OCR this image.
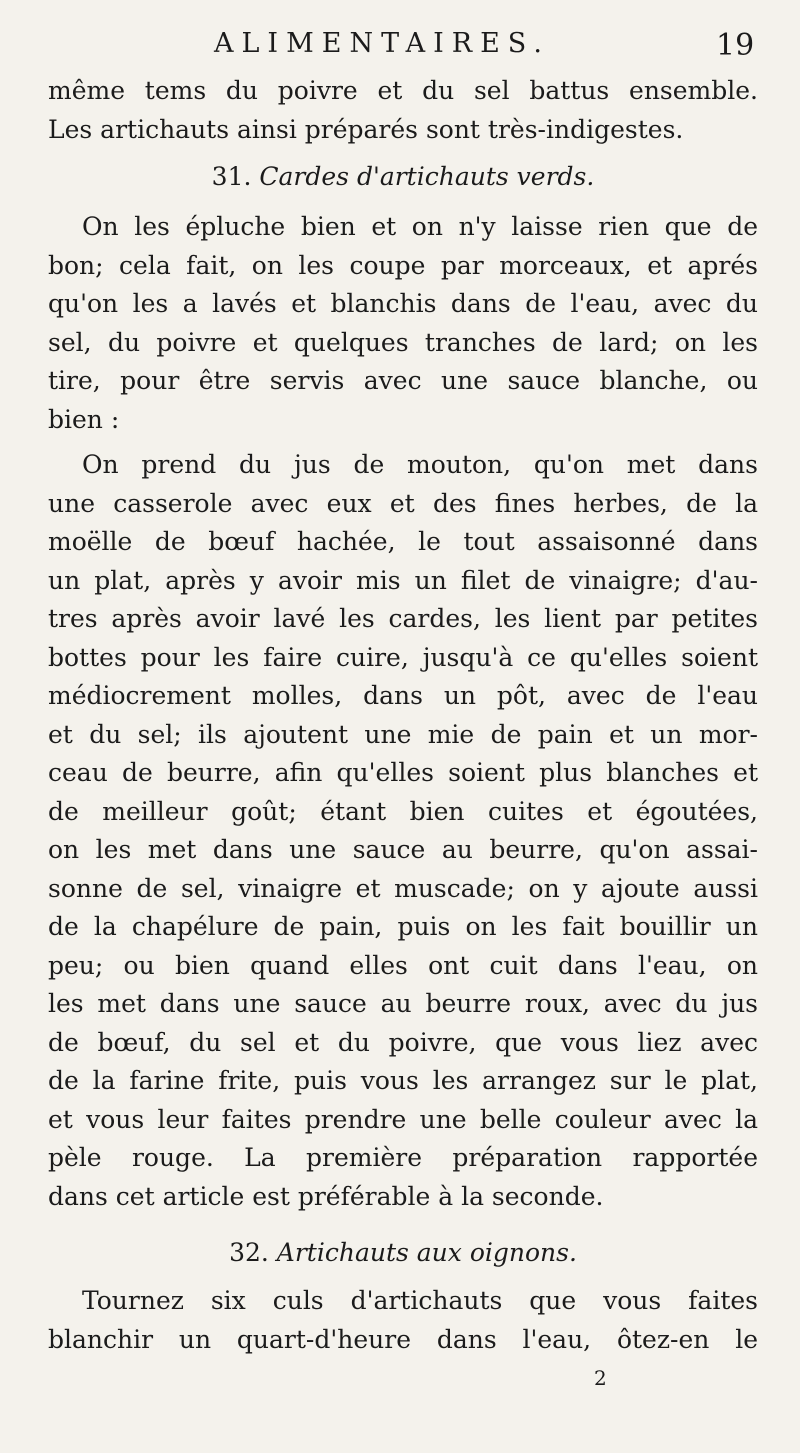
ALIMENTAIRES.	19
même tems du poivre et du sel battus ensemble.
Les artichauts ainsi préparés sont très-indigestes.
31. Cardes d'artichauts verds.
On les épluche bien et on n'y laisse rien que de
bon; cela fait, on les coupe par morceaux, et aprés
qu'on les a lavés et blanchis dans de l'eau, avec du
sel, du poivre et quelques tranches de lard; on les
tire, pour être servis avec une sauce blanche, ou
bien :
On prend du jus de mouton, qu'on met dans
une casserole avec eux et des fines herbes, de la
moëlle de bœuf hachée, le tout assaisonné dans
un plat, après y avoir mis un filet de vinaigre; d'au-
tres après avoir lavé les cardes, les lient par petites
bottes pour les faire cuire, jusqu'à ce qu'elles soient
médiocrement molles, dans un pôt, avec de l'eau
et du sel; ils ajoutent une mie de pain et un mor-
ceau de beurre, afin qu'elles soient plus blanches et
de meilleur goût; étant bien cuites et égoutées,
on les met dans une sauce au beurre, qu'on assai-
sonne de sel, vinaigre et muscade; on y ajoute aussi
de la chapélure de pain, puis on les fait bouillir un
peu; ou bien quand elles ont cuit dans l'eau, on
les met dans une sauce au beurre roux, avec du jus
de bœuf, du sel et du poivre, que vous liez avec
de la farine frite, puis vous les arrangez sur le plat,
et vous leur faites prendre une belle couleur avec la
pèle rouge. La première préparation rapportée
dans cet article est préférable à la seconde.
32. Artichauts aux oignons.
Tournez six culs d'artichauts que vous faites
blanchir un quart-d'heure dans l'eau, ôtez-en le
2
